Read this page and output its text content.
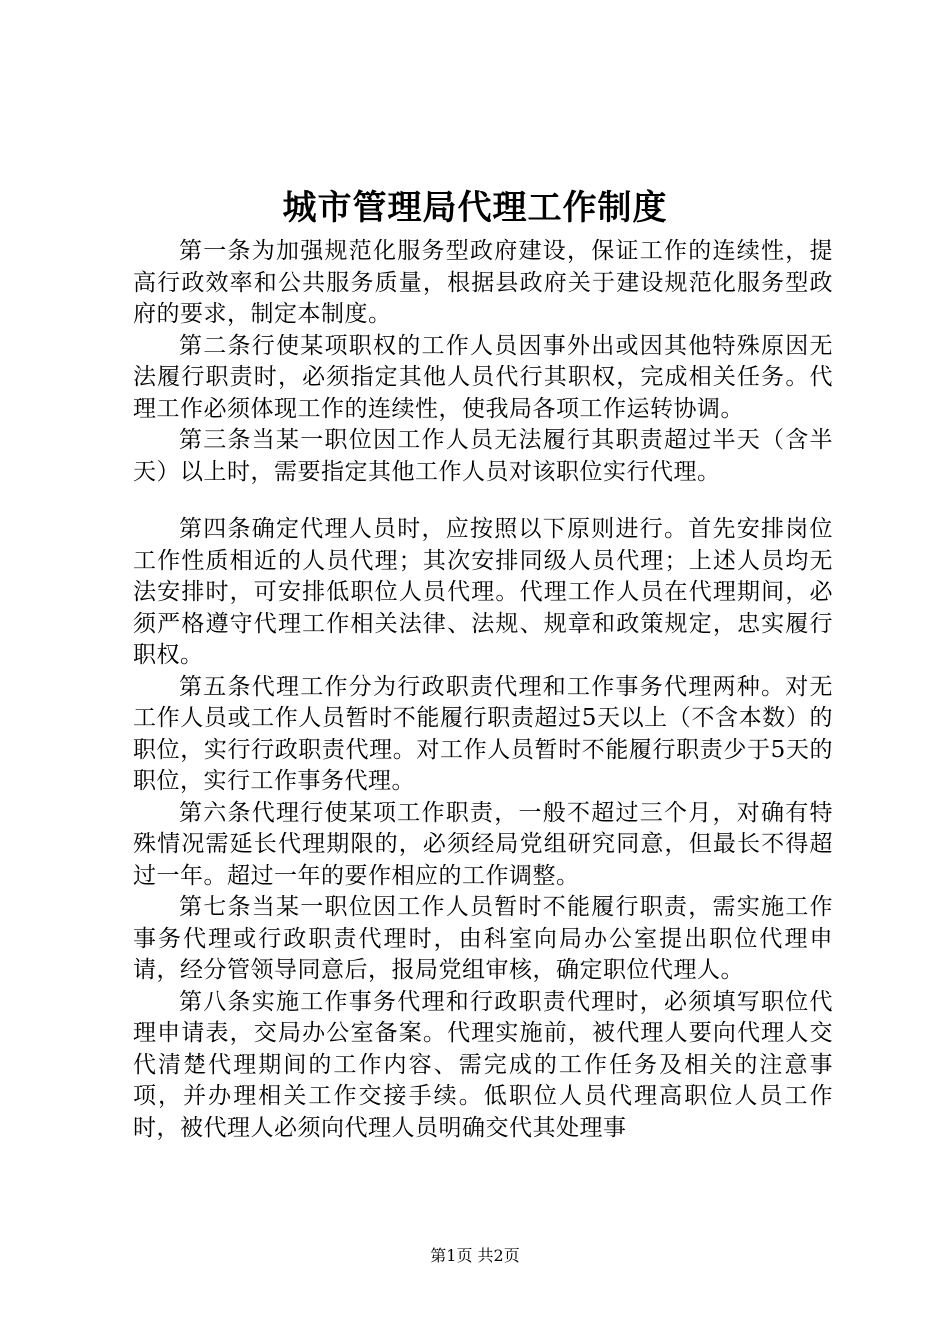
城市管理局代理工作制度

第一条为加强规范化服务型政府建设，保证工作的连续性，提高行政效率和公共服务质量，根据县政府关于建设规范化服务型政府的要求，制定本制度。

第二条行使某项职权的工作人员因事外出或因其他特殊原因无法履行职责时，必须指定其他人员代行其职权，完成相关任务。代理工作必须体现工作的连续性，使我局各项工作运转协调。

第三条当某一职位因工作人员无法履行其职责超过半天（含半天）以上时，需要指定其他工作人员对该职位实行代理。

第四条确定代理人员时，应按照以下原则进行。首先安排岗位工作性质相近的人员代理；其次安排同级人员代理；上述人员均无法安排时，可安排低职位人员代理。代理工作人员在代理期间，必须严格遵守代理工作相关法律、法规、规章和政策规定，忠实履行职权。

第五条代理工作分为行政职责代理和工作事务代理两种。对无工作人员或工作人员暂时不能履行职责超过5天以上（不含本数）的职位，实行行政职责代理。对工作人员暂时不能履行职责少于5天的职位，实行工作事务代理。

第六条代理行使某项工作职责，一般不超过三个月，对确有特殊情况需延长代理期限的，必须经局党组研究同意，但最长不得超过一年。超过一年的要作相应的工作调整。

第七条当某一职位因工作人员暂时不能履行职责，需实施工作事务代理或行政职责代理时，由科室向局办公室提出职位代理申请，经分管领导同意后，报局党组审核，确定职位代理人。

第八条实施工作事务代理和行政职责代理时，必须填写职位代理申请表，交局办公室备案。代理实施前，被代理人要向代理人交代清楚代理期间的工作内容、需完成的工作任务及相关的注意事项，并办理相关工作交接手续。低职位人员代理高职位人员工作时，被代理人必须向代理人员明确交代其处理事

第1页 共2页
